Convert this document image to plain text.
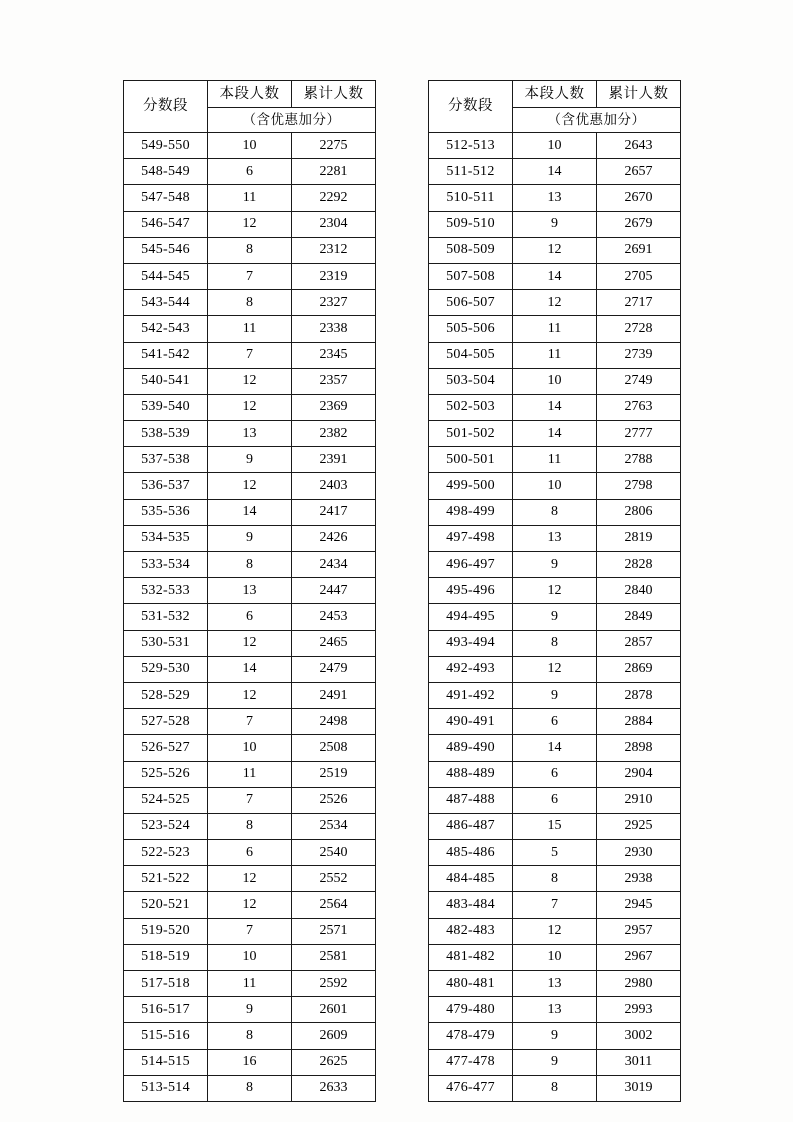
分数段	本段人数	累计人数
	（含优惠加分）	
549-550	10	2275
548-549	6	2281
547-548	11	2292
546-547	12	2304
545-546	8	2312
544-545	7	2319
543-544	8	2327
542-543	11	2338
541-542	7	2345
540-541	12	2357
539-540	12	2369
538-539	13	2382
537-538	9	2391
536-537	12	2403
535-536	14	2417
534-535	9	2426
533-534	8	2434
532-533	13	2447
531-532	6	2453
530-531	12	2465
529-530	14	2479
528-529	12	2491
527-528	7	2498
526-527	10	2508
525-526	11	2519
524-525	7	2526
523-524	8	2534
522-523	6	2540
521-522	12	2552
520-521	12	2564
519-520	7	2571
518-519	10	2581
517-518	11	2592
516-517	9	2601
515-516	8	2609
514-515	16	2625
513-514	8	2633
分数段	本段人数	累计人数
	（含优惠加分）	
512-513	10	2643
511-512	14	2657
510-511	13	2670
509-510	9	2679
508-509	12	2691
507-508	14	2705
506-507	12	2717
505-506	11	2728
504-505	11	2739
503-504	10	2749
502-503	14	2763
501-502	14	2777
500-501	11	2788
499-500	10	2798
498-499	8	2806
497-498	13	2819
496-497	9	2828
495-496	12	2840
494-495	9	2849
493-494	8	2857
492-493	12	2869
491-492	9	2878
490-491	6	2884
489-490	14	2898
488-489	6	2904
487-488	6	2910
486-487	15	2925
485-486	5	2930
484-485	8	2938
483-484	7	2945
482-483	12	2957
481-482	10	2967
480-481	13	2980
479-480	13	2993
478-479	9	3002
477-478	9	3011
476-477	8	3019
